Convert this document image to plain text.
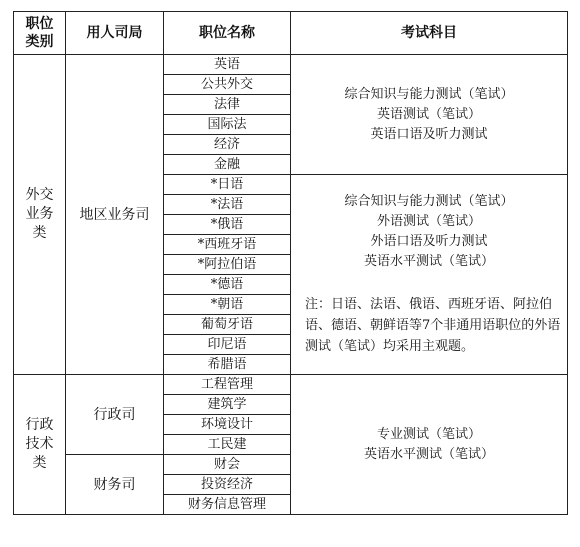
职位
类别	用人司局	职位名称	考试科目
外交
业务
类	地区业务司	英语	综合知识与能力测试（笔试）
英语测试（笔试）
英语口语及听力测试

		公共外交	
		法律	
		国际法	
		经济	
		金融	
		*日语	综合知识与能力测试（笔试）
外语测试（笔试）
外语口语及听力测试
英语水平测试（笔试）
注：日语、法语、俄语、西班牙语、阿拉伯语、德语、朝鲜语等7个非通用语职位的外语测试（笔试）均采用主观题。

		*法语	
		*俄语	
		*西班牙语	
		*阿拉伯语	
		*德语	
		*朝语	
		葡萄牙语	
		印尼语	
		希腊语	
行政
技术
类	行政司	工程管理	专业测试（笔试）
英语水平测试（笔试）

		建筑学	
		环境设计	
		工民建	
	财务司	财会	
		投资经济	
		财务信息管理	
